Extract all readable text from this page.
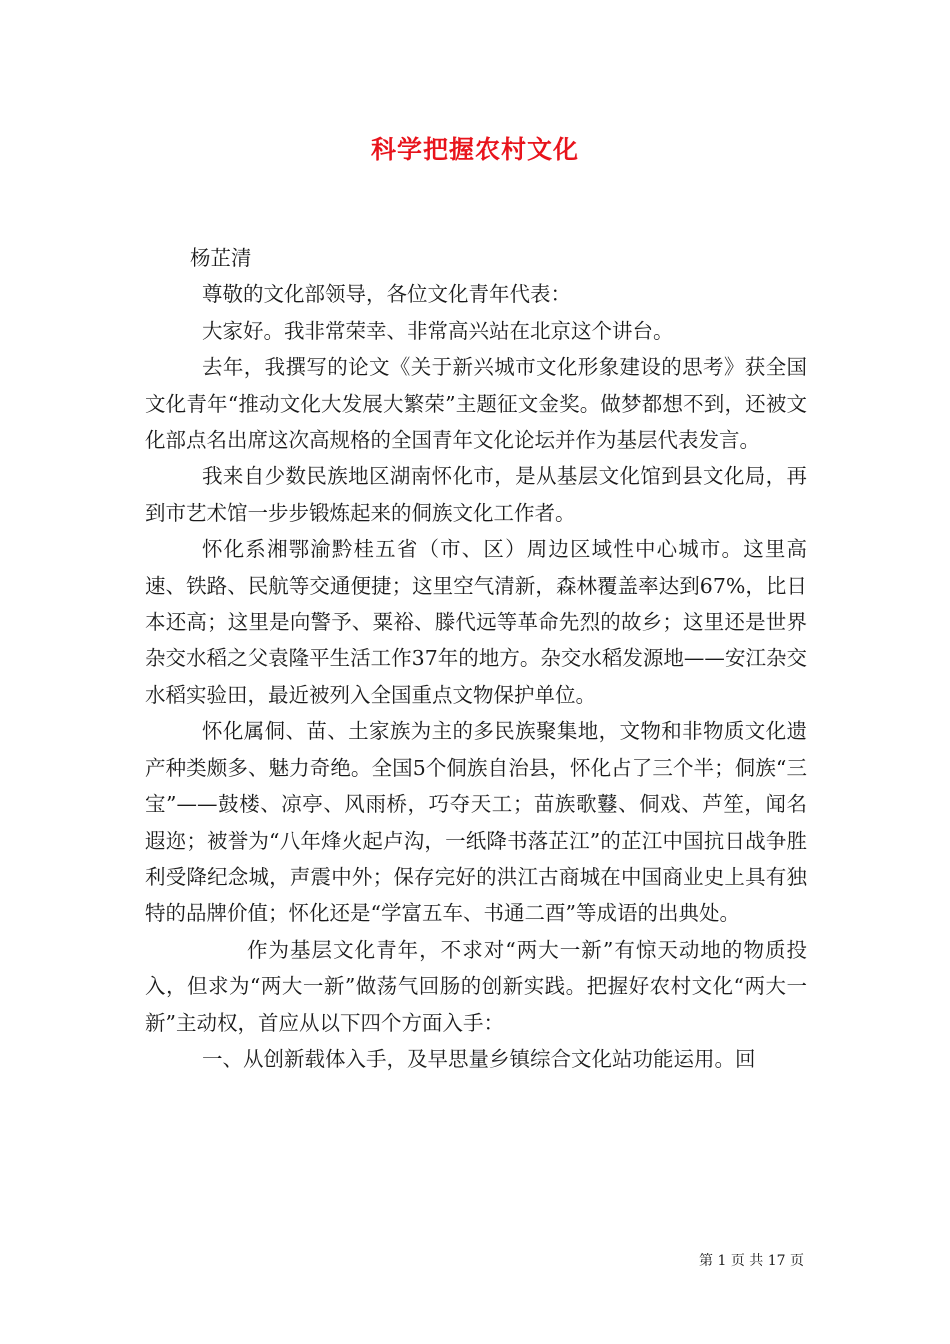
科学把握农村文化

杨芷清

尊敬的文化部领导，各位文化青年代表：

大家好。我非常荣幸、非常高兴站在北京这个讲台。

去年，我撰写的论文《关于新兴城市文化形象建设的思考》获全国文化青年“推动文化大发展大繁荣”主题征文金奖。做梦都想不到，还被文化部点名出席这次高规格的全国青年文化论坛并作为基层代表发言。

我来自少数民族地区湖南怀化市，是从基层文化馆到县文化局，再到市艺术馆一步步锻炼起来的侗族文化工作者。

怀化系湘鄂渝黔桂五省（市、区）周边区域性中心城市。这里高速、铁路、民航等交通便捷；这里空气清新，森林覆盖率达到67%，比日本还高；这里是向警予、粟裕、滕代远等革命先烈的故乡；这里还是世界杂交水稻之父袁隆平生活工作37年的地方。杂交水稻发源地——安江杂交水稻实验田，最近被列入全国重点文物保护单位。

怀化属侗、苗、土家族为主的多民族聚集地，文物和非物质文化遗产种类颇多、魅力奇绝。全国5个侗族自治县，怀化占了三个半；侗族“三宝”——鼓楼、凉亭、风雨桥，巧夺天工；苗族歌鼟、侗戏、芦笙，闻名遐迩；被誉为“八年烽火起卢沟，一纸降书落芷江”的芷江中国抗日战争胜利受降纪念城，声震中外；保存完好的洪江古商城在中国商业史上具有独特的品牌价值；怀化还是“学富五车、书通二酉”等成语的出典处。

作为基层文化青年，不求对“两大一新”有惊天动地的物质投入，但求为“两大一新”做荡气回肠的创新实践。把握好农村文化“两大一新”主动权，首应从以下四个方面入手：

一、从创新载体入手，及早思量乡镇综合文化站功能运用。回

第 1 页 共 17 页
